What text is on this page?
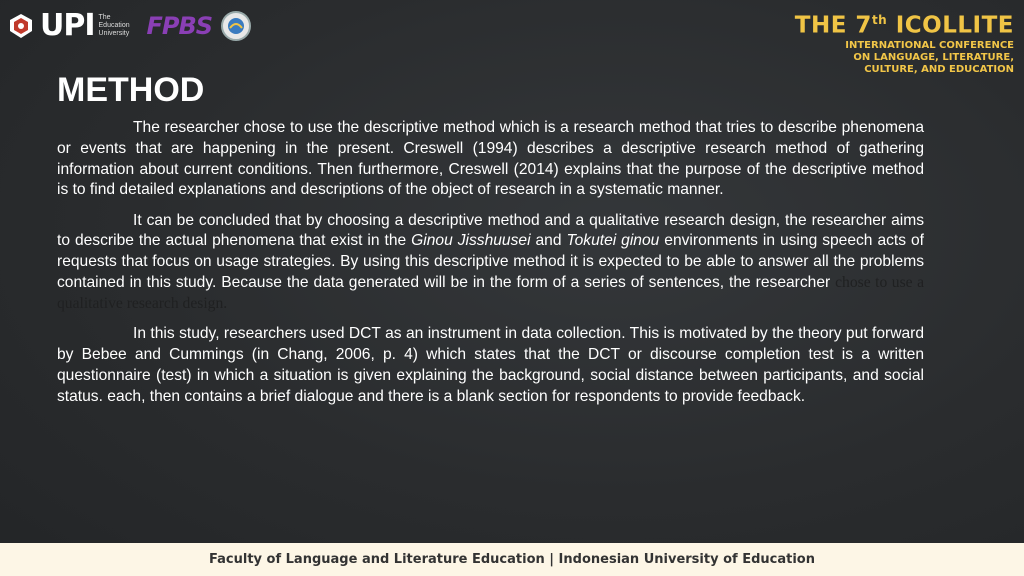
UPI The Education University FPBS	THE 7th ICOLLITE
INTERNATIONAL CONFERENCE
ON LANGUAGE, LITERATURE,
CULTURE, AND EDUCATION
METHOD

The researcher chose to use the descriptive method which is a research method that tries to describe phenomena or events that are happening in the present. Creswell (1994) describes a descriptive research method of gathering information about current conditions. Then furthermore, Creswell (2014) explains that the purpose of the descriptive method is to find detailed explanations and descriptions of the object of research in a systematic manner.

It can be concluded that by choosing a descriptive method and a qualitative research design, the researcher aims to describe the actual phenomena that exist in the Ginou Jisshuusei and Tokutei ginou environments in using speech acts of requests that focus on usage strategies. By using this descriptive method it is expected to be able to answer all the problems contained in this study. Because the data generated will be in the form of a series of sentences, the researcher chose to use a qualitative research design.

In this study, researchers used DCT as an instrument in data collection. This is motivated by the theory put forward by Bebee and Cummings (in Chang, 2006, p. 4) which states that the DCT or discourse completion test is a written questionnaire (test) in which a situation is given explaining the background, social distance between participants, and social status. each, then contains a brief dialogue and there is a blank section for respondents to provide feedback.

Faculty of Language and Literature Education | Indonesian University of Education
